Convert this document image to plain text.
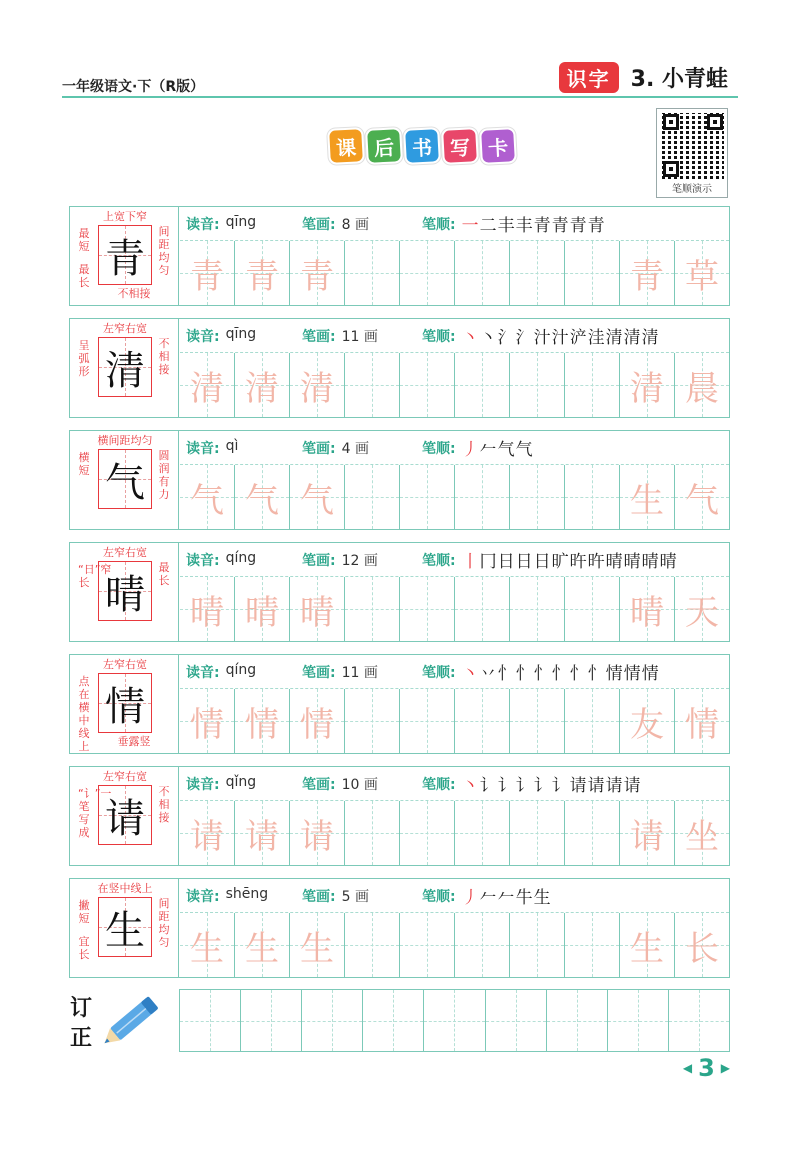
一年级语文·下（R版）	识字 3. 小青蛙
课 后 书 写 卡
笔顺演示
青
上宽下窄
最短
最长
间距均匀
不相接
读音: qīng	笔画: 8 画	笔顺: 一二丰丰青青青青
青 青 青	青 草
清
左窄右宽
呈弧形
不相接
读音: qīng	笔画: 11 画	笔顺: 丶丶氵氵汁汁浐洼清清清
清 清 清	清 晨
气
横间距均匀
横短
圆润有力
读音: qì	笔画: 4 画	笔顺: 丿𠂉气气
气 气 气	生 气
晴
左窄右宽
“日”窄长
最长
读音: qíng	笔画: 12 画	笔顺: 丨冂日日日旷旿旿晴晴晴晴
晴 晴 晴	晴 天
情
左窄右宽
点在横中线上	垂露竖
读音: qíng	笔画: 11 画	笔顺: 丶丷忄忄忄忄忄忄情情情
情 情 情	友 情
请
左窄右宽
“讠”一笔写成
不相接
读音: qǐng	笔画: 10 画	笔顺: 丶讠讠讠讠讠请请请请
请 请 请	请 坐
生
在竖中线上
撇短
宜长
间距均匀
读音: shēng 笔画: 5 画	笔顺: 丿𠂉𠂉牛生
生 生 生	生 长
订正
◀ 3 ▶
